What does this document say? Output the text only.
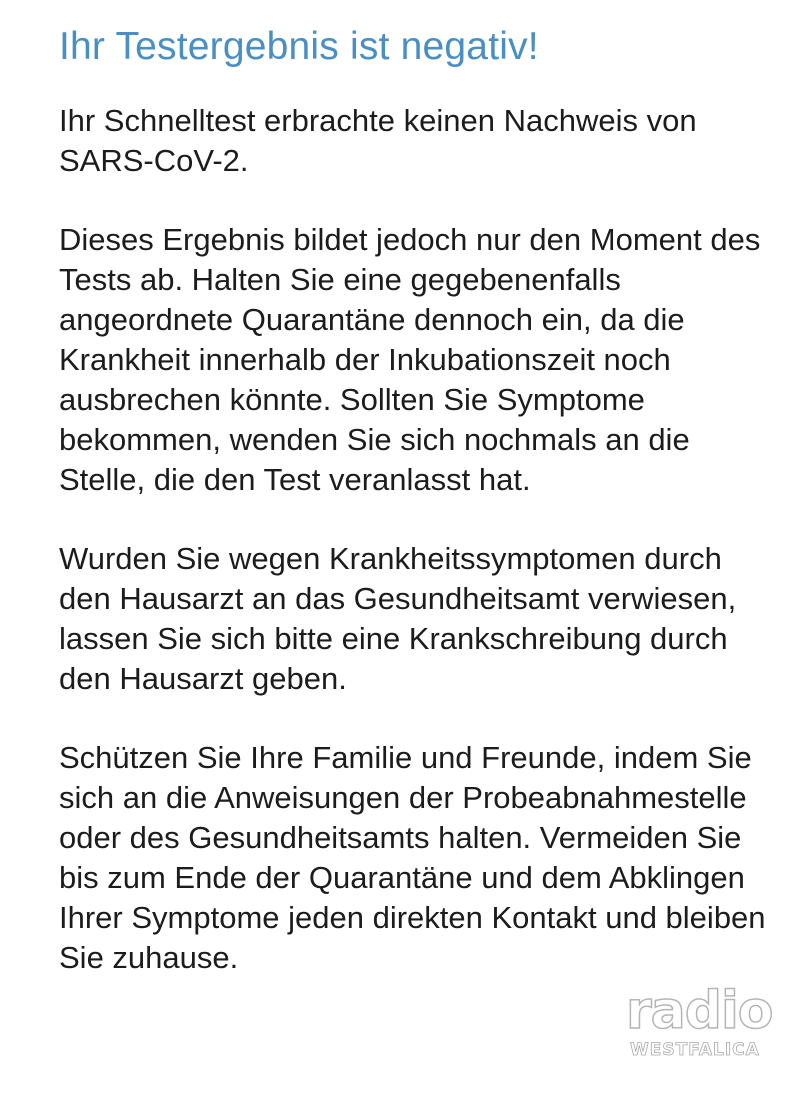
Ihr Testergebnis ist negativ!

Ihr Schnelltest erbrachte keinen Nachweis von SARS-CoV-2.

Dieses Ergebnis bildet jedoch nur den Moment des Tests ab. Halten Sie eine gegebenenfalls angeordnete Quarantäne dennoch ein, da die Krankheit innerhalb der Inkubationszeit noch ausbrechen könnte. Sollten Sie Symptome bekommen, wenden Sie sich nochmals an die Stelle, die den Test veranlasst hat.

Wurden Sie wegen Krankheitssymptomen durch den Hausarzt an das Gesundheitsamt verwiesen, lassen Sie sich bitte eine Krankschreibung durch den Hausarzt geben.

Schützen Sie Ihre Familie und Freunde, indem Sie sich an die Anweisungen der Probeabnahmestelle oder des Gesundheitsamts halten. Vermeiden Sie bis zum Ende der Quarantäne und dem Abklingen Ihrer Symptome jeden direkten Kontakt und bleiben Sie zuhause.

radio
WESTFALICA
